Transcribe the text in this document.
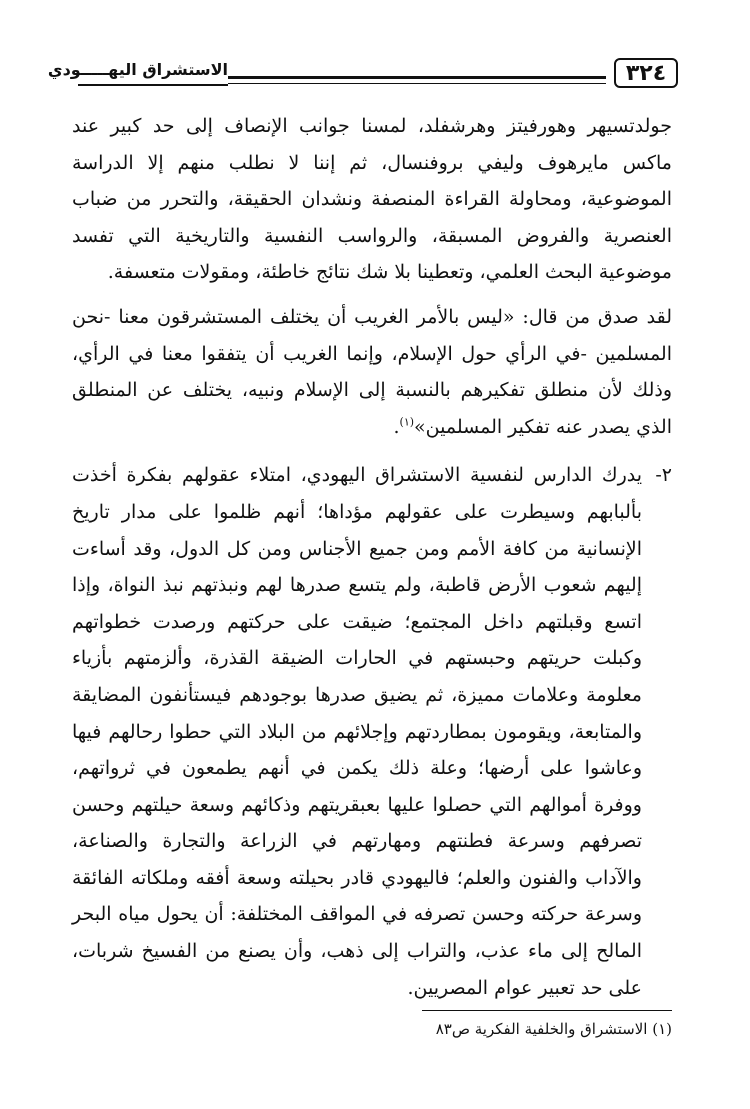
٣٢٤
الاستشراق اليهـــــودي

جولدتسيهر وهورفيتز وهرشفلد، لمسنا جوانب الإنصاف إلى حد كبير عند ماكس مايرهوف وليفي بروفنسال، ثم إننا لا نطلب منهم إلا الدراسة الموضوعية، ومحاولة القراءة المنصفة ونشدان الحقيقة، والتحرر من ضباب العنصرية والفروض المسبقة، والرواسب النفسية والتاريخية التي تفسد موضوعية البحث العلمي، وتعطينا بلا شك نتائج خاطئة، ومقولات متعسفة.

لقد صدق من قال: «ليس بالأمر الغريب أن يختلف المستشرقون معنا -نحن المسلمين -في الرأي حول الإسلام، وإنما الغريب أن يتفقوا معنا في الرأي، وذلك لأن منطلق تفكيرهم بالنسبة إلى الإسلام ونبيه، يختلف عن المنطلق الذي يصدر عنه تفكير المسلمين»$^{(١)}$.

٢-
يدرك الدارس لنفسية الاستشراق اليهودي، امتلاء عقولهم بفكرة أخذت بألبابهم وسيطرت على عقولهم مؤداها؛ أنهم ظلموا على مدار تاريخ الإنسانية من كافة الأمم ومن جميع الأجناس ومن كل الدول، وقد أساءت إليهم شعوب الأرض قاطبة، ولم يتسع صدرها لهم ونبذتهم نبذ النواة، وإذا اتسع وقبلتهم داخل المجتمع؛ ضيقت على حركتهم ورصدت خطواتهم وكبلت حريتهم وحبستهم في الحارات الضيقة القذرة، وألزمتهم بأزياء معلومة وعلامات مميزة، ثم يضيق صدرها بوجودهم فيستأنفون المضايقة والمتابعة، ويقومون بمطاردتهم وإجلائهم من البلاد التي حطوا رحالهم فيها وعاشوا على أرضها؛ وعلة ذلك يكمن في أنهم يطمعون في ثرواتهم، ووفرة أموالهم التي حصلوا عليها بعبقريتهم وذكائهم وسعة حيلتهم وحسن تصرفهم وسرعة فطنتهم ومهارتهم في الزراعة والتجارة والصناعة، والآداب والفنون والعلم؛ فاليهودي قادر بحيلته وسعة أفقه وملكاته الفائقة وسرعة حركته وحسن تصرفه في المواقف المختلفة: أن يحول مياه البحر المالح إلى ماء عذب، والتراب إلى ذهب، وأن يصنع من الفسيخ شربات، على حد تعبير عوام المصريين.

(١) الاستشراق والخلفية الفكرية ص٨٣
